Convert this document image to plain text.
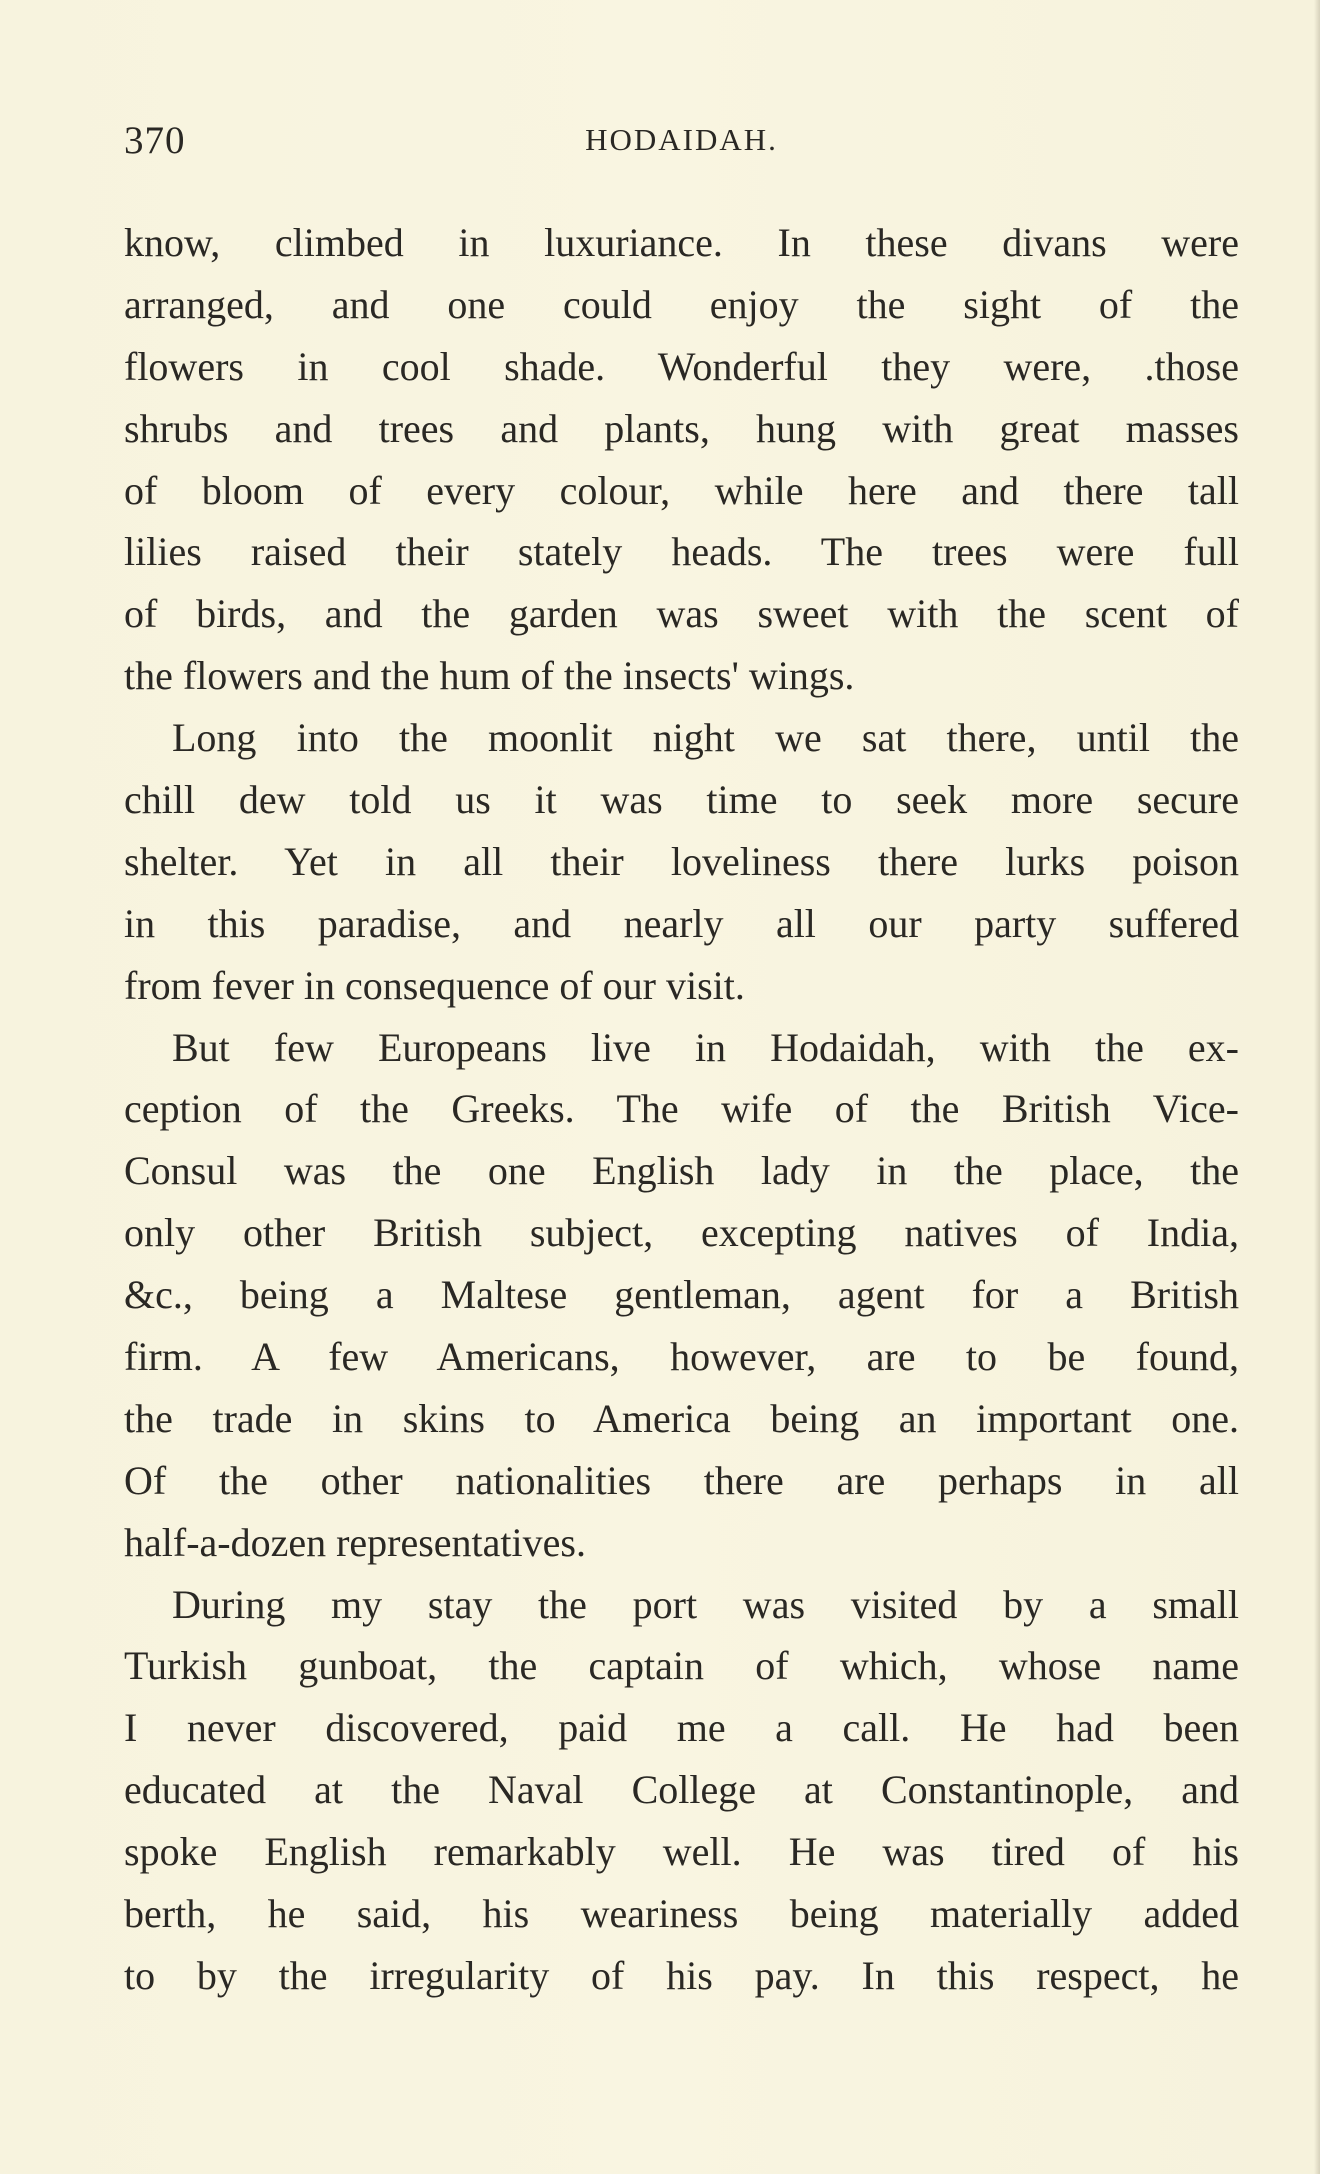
370	HODAIDAH.
know, climbed in luxuriance. In these divans were
arranged, and one could enjoy the sight of the
flowers in cool shade. Wonderful they were, .those
shrubs and trees and plants, hung with great masses
of bloom of every colour, while here and there tall
lilies raised their stately heads. The trees were full
of birds, and the garden was sweet with the scent of
the flowers and the hum of the insects' wings.
Long into the moonlit night we sat there, until the
chill dew told us it was time to seek more secure
shelter. Yet in all their loveliness there lurks poison
in this paradise, and nearly all our party suffered
from fever in consequence of our visit.
But few Europeans live in Hodaidah, with the ex-
ception of the Greeks. The wife of the British Vice-
Consul was the one English lady in the place, the
only other British subject, excepting natives of India,
&c., being a Maltese gentleman, agent for a British
firm. A few Americans, however, are to be found,
the trade in skins to America being an important one.
Of the other nationalities there are perhaps in all
half-a-dozen representatives.
During my stay the port was visited by a small
Turkish gunboat, the captain of which, whose name
I never discovered, paid me a call. He had been
educated at the Naval College at Constantinople, and
spoke English remarkably well. He was tired of his
berth, he said, his weariness being materially added
to by the irregularity of his pay. In this respect, he
